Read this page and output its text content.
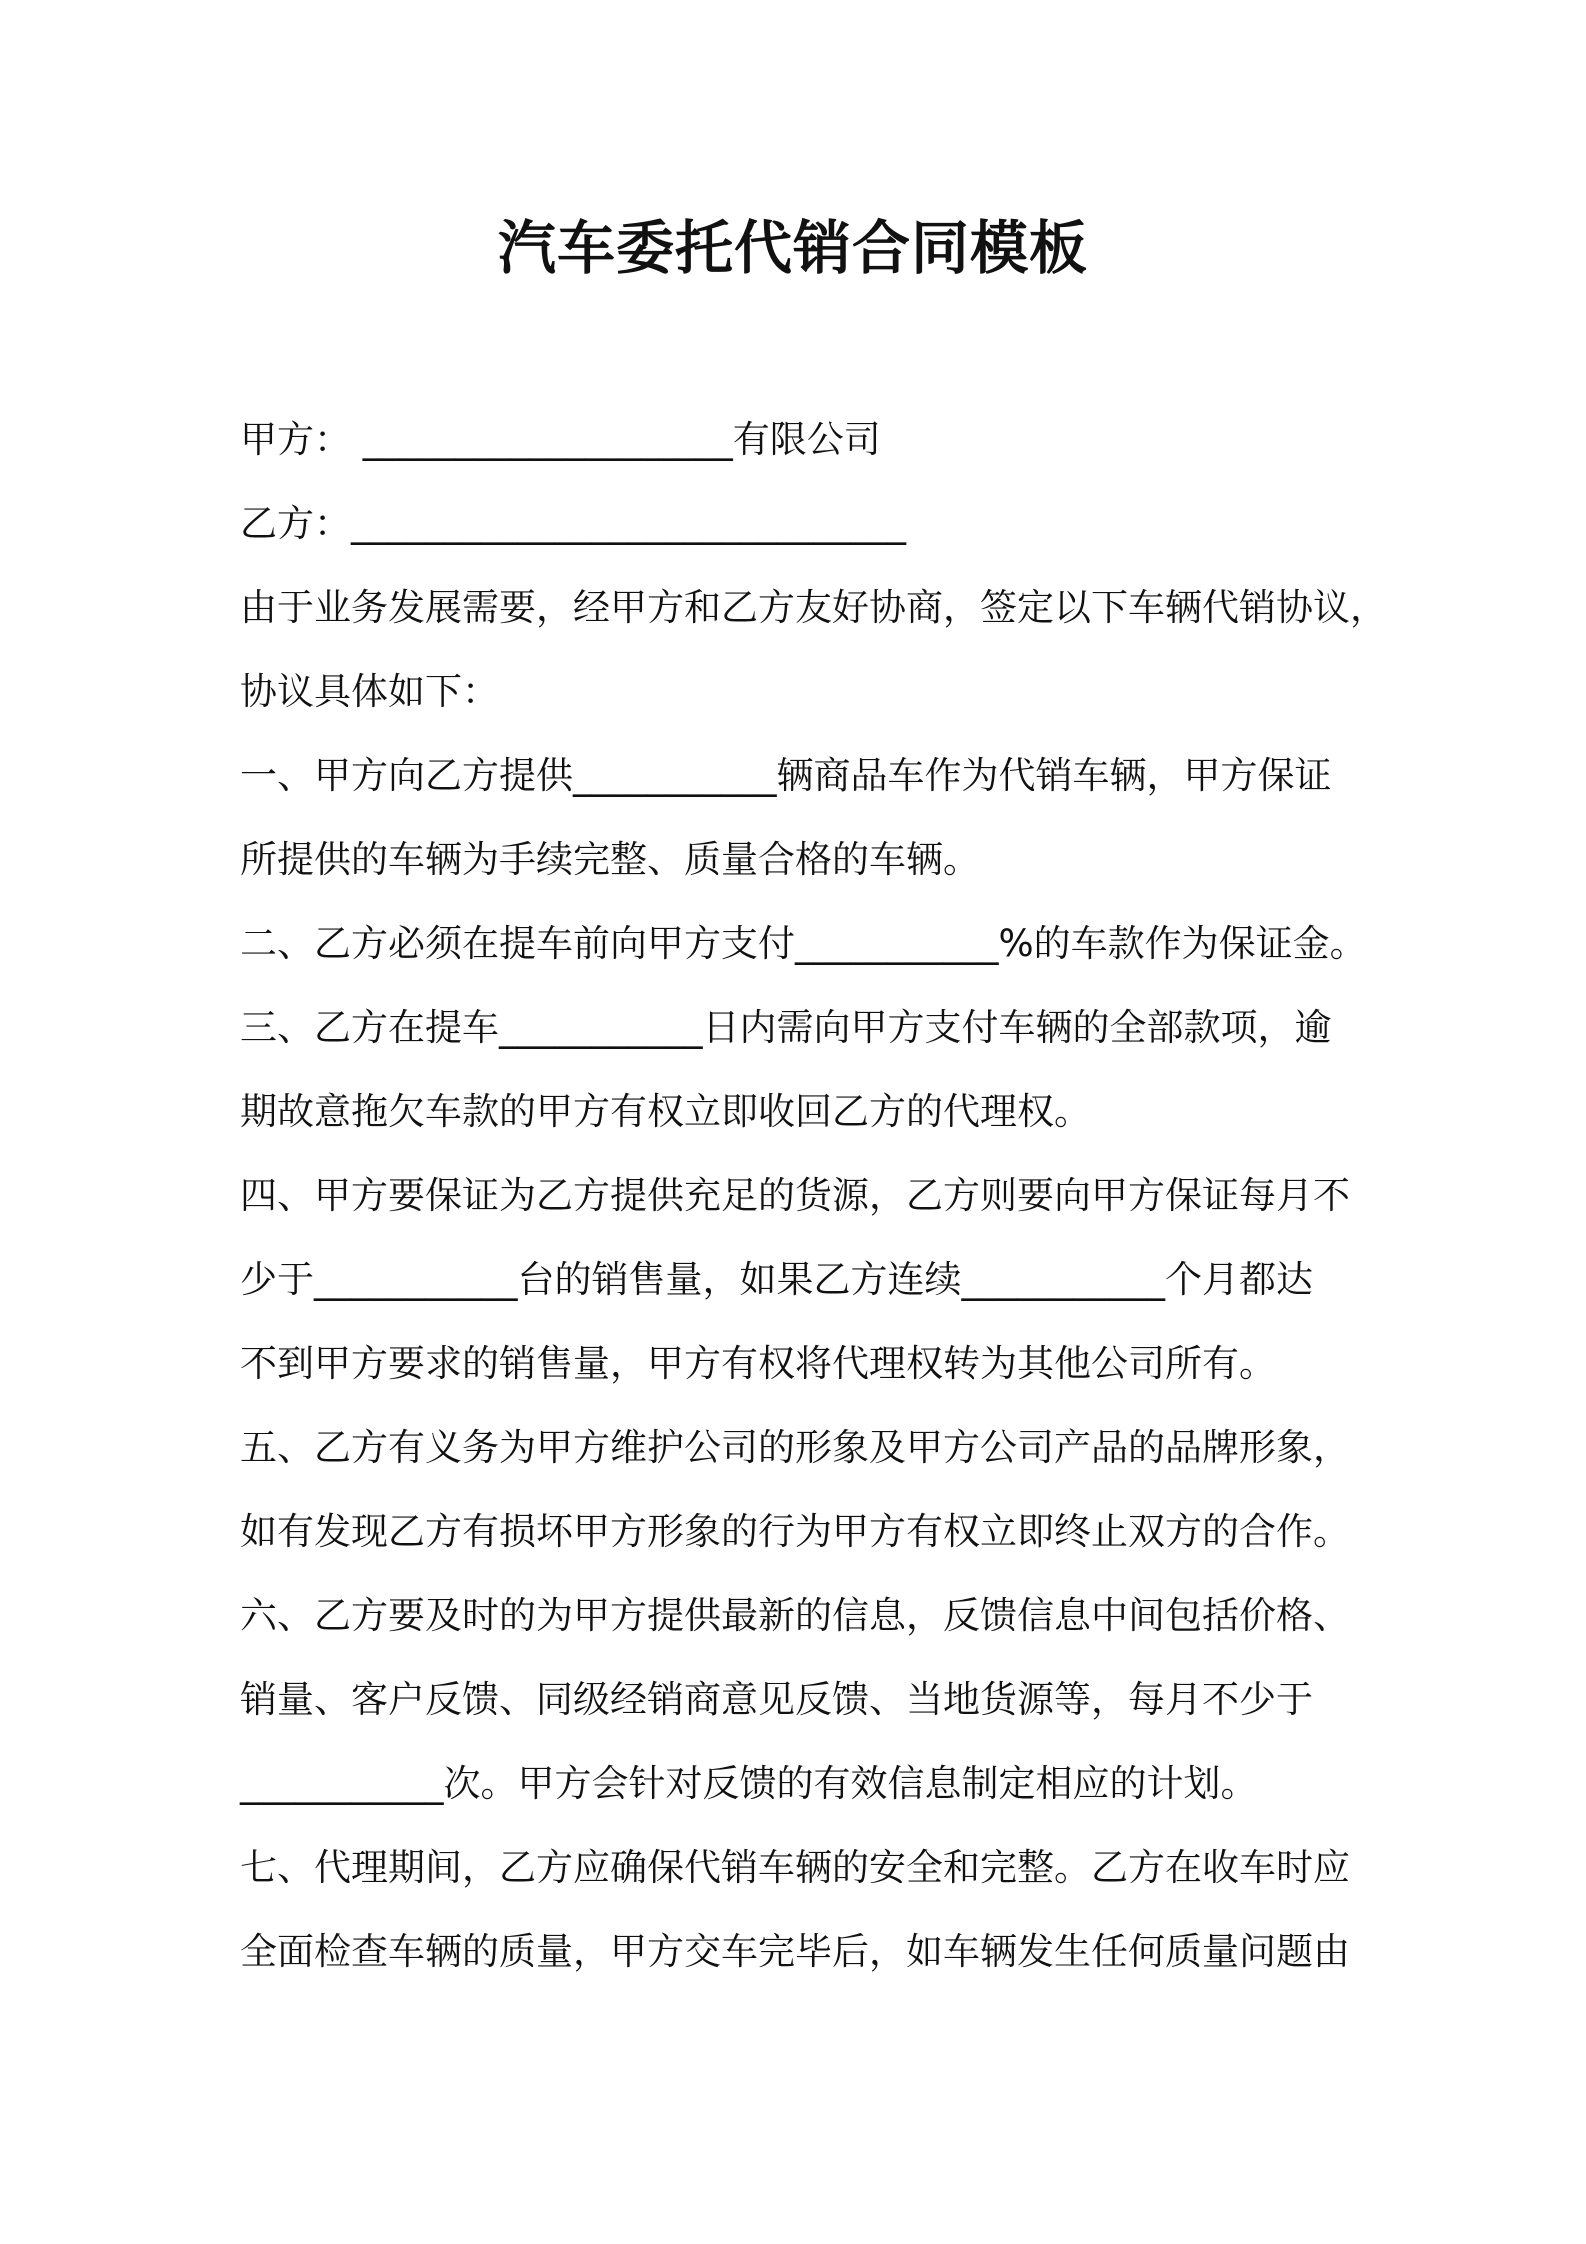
汽车委托代销合同模板

甲方： ____________________有限公司

乙方：______________________________

由于业务发展需要，经甲方和乙方友好协商，签定以下车辆代销协议，

协议具体如下：

一、甲方向乙方提供___________辆商品车作为代销车辆，甲方保证

所提供的车辆为手续完整、质量合格的车辆。

二、乙方必须在提车前向甲方支付___________%的车款作为保证金。

三、乙方在提车___________日内需向甲方支付车辆的全部款项，逾

期故意拖欠车款的甲方有权立即收回乙方的代理权。

四、甲方要保证为乙方提供充足的货源，乙方则要向甲方保证每月不

少于___________台的销售量，如果乙方连续___________个月都达

不到甲方要求的销售量，甲方有权将代理权转为其他公司所有。

五、乙方有义务为甲方维护公司的形象及甲方公司产品的品牌形象，

如有发现乙方有损坏甲方形象的行为甲方有权立即终止双方的合作。

六、乙方要及时的为甲方提供最新的信息，反馈信息中间包括价格、

销量、客户反馈、同级经销商意见反馈、当地货源等，每月不少于

___________次。甲方会针对反馈的有效信息制定相应的计划。

七、代理期间，乙方应确保代销车辆的安全和完整。乙方在收车时应

全面检查车辆的质量，甲方交车完毕后，如车辆发生任何质量问题由
